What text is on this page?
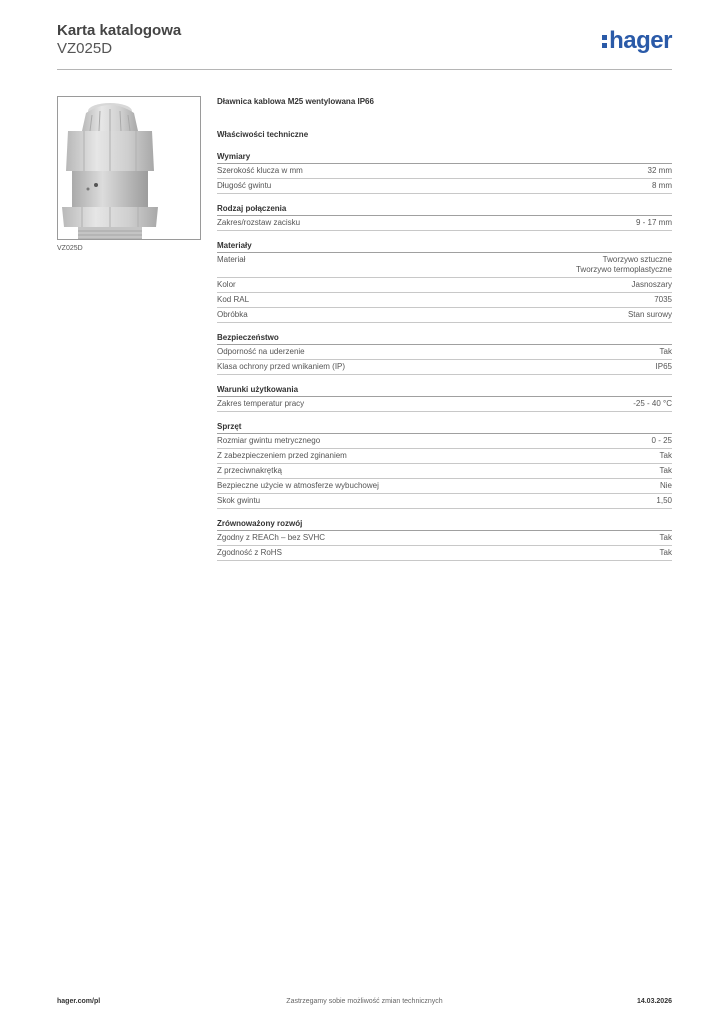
Karta katalogowa
VZ025D	hager
VZ025D
Dławnica kablowa M25 wentylowana IP66
Właściwości techniczne
Wymiary
Szerokość klucza w mm	32 mm
Długość gwintu	8 mm
Rodzaj połączenia
Zakres/rozstaw zacisku	9 - 17 mm
Materiały
Materiał	Tworzywo sztuczne
Tworzywo termoplastyczne
Kolor	Jasnoszary
Kod RAL	7035
Obróbka	Stan surowy
Bezpieczeństwo
Odporność na uderzenie	Tak
Klasa ochrony przed wnikaniem (IP)	IP65
Warunki użytkowania
Zakres temperatur pracy	-25 - 40 °C
Sprzęt
Rozmiar gwintu metrycznego	0 - 25
Z zabezpieczeniem przed zginaniem	Tak
Z przeciwnakrętką	Tak
Bezpieczne użycie w atmosferze wybuchowej	Nie
Skok gwintu	1,50
Zrównoważony rozwój
Zgodny z REACh – bez SVHC	Tak
Zgodność z RoHS	Tak
Zastrzegamy sobie możliwość zmian technicznych
hager.com/pl	14.03.2026
